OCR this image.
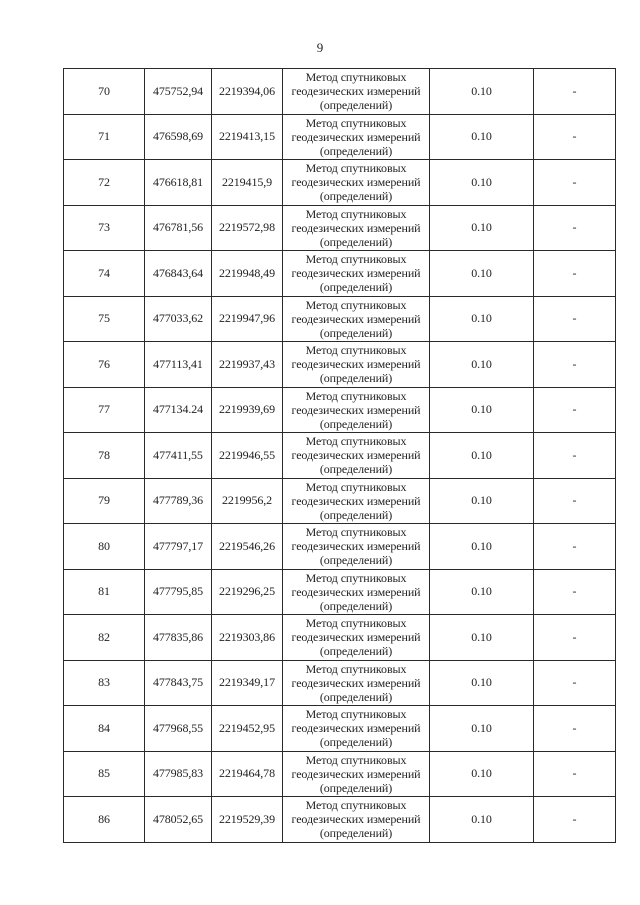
9
70	475752,94	2219394,06	Метод спутниковых
геодезических измерений
(определений)	0.10	-
71	476598,69	2219413,15	Метод спутниковых
геодезических измерений
(определений)	0.10	-
72	476618,81	2219415,9	Метод спутниковых
геодезических измерений
(определений)	0.10	-
73	476781,56	2219572,98	Метод спутниковых
геодезических измерений
(определений)	0.10	-
74	476843,64	2219948,49	Метод спутниковых
геодезических измерений
(определений)	0.10	-
75	477033,62	2219947,96	Метод спутниковых
геодезических измерений
(определений)	0.10	-
76	477113,41	2219937,43	Метод спутниковых
геодезических измерений
(определений)	0.10	-
77	477134.24	2219939,69	Метод спутниковых
геодезических измерений
(определений)	0.10	-
78	477411,55	2219946,55	Метод спутниковых
геодезических измерений
(определений)	0.10	-
79	477789,36	2219956,2	Метод спутниковых
геодезических измерений
(определений)	0.10	-
80	477797,17	2219546,26	Метод спутниковых
геодезических измерений
(определений)	0.10	-
81	477795,85	2219296,25	Метод спутниковых
геодезических измерений
(определений)	0.10	-
82	477835,86	2219303,86	Метод спутниковых
геодезических измерений
(определений)	0.10	-
83	477843,75	2219349,17	Метод спутниковых
геодезических измерений
(определений)	0.10	-
84	477968,55	2219452,95	Метод спутниковых
геодезических измерений
(определений)	0.10	-
85	477985,83	2219464,78	Метод спутниковых
геодезических измерений
(определений)	0.10	-
86	478052,65	2219529,39	Метод спутниковых
геодезических измерений
(определений)	0.10	-
